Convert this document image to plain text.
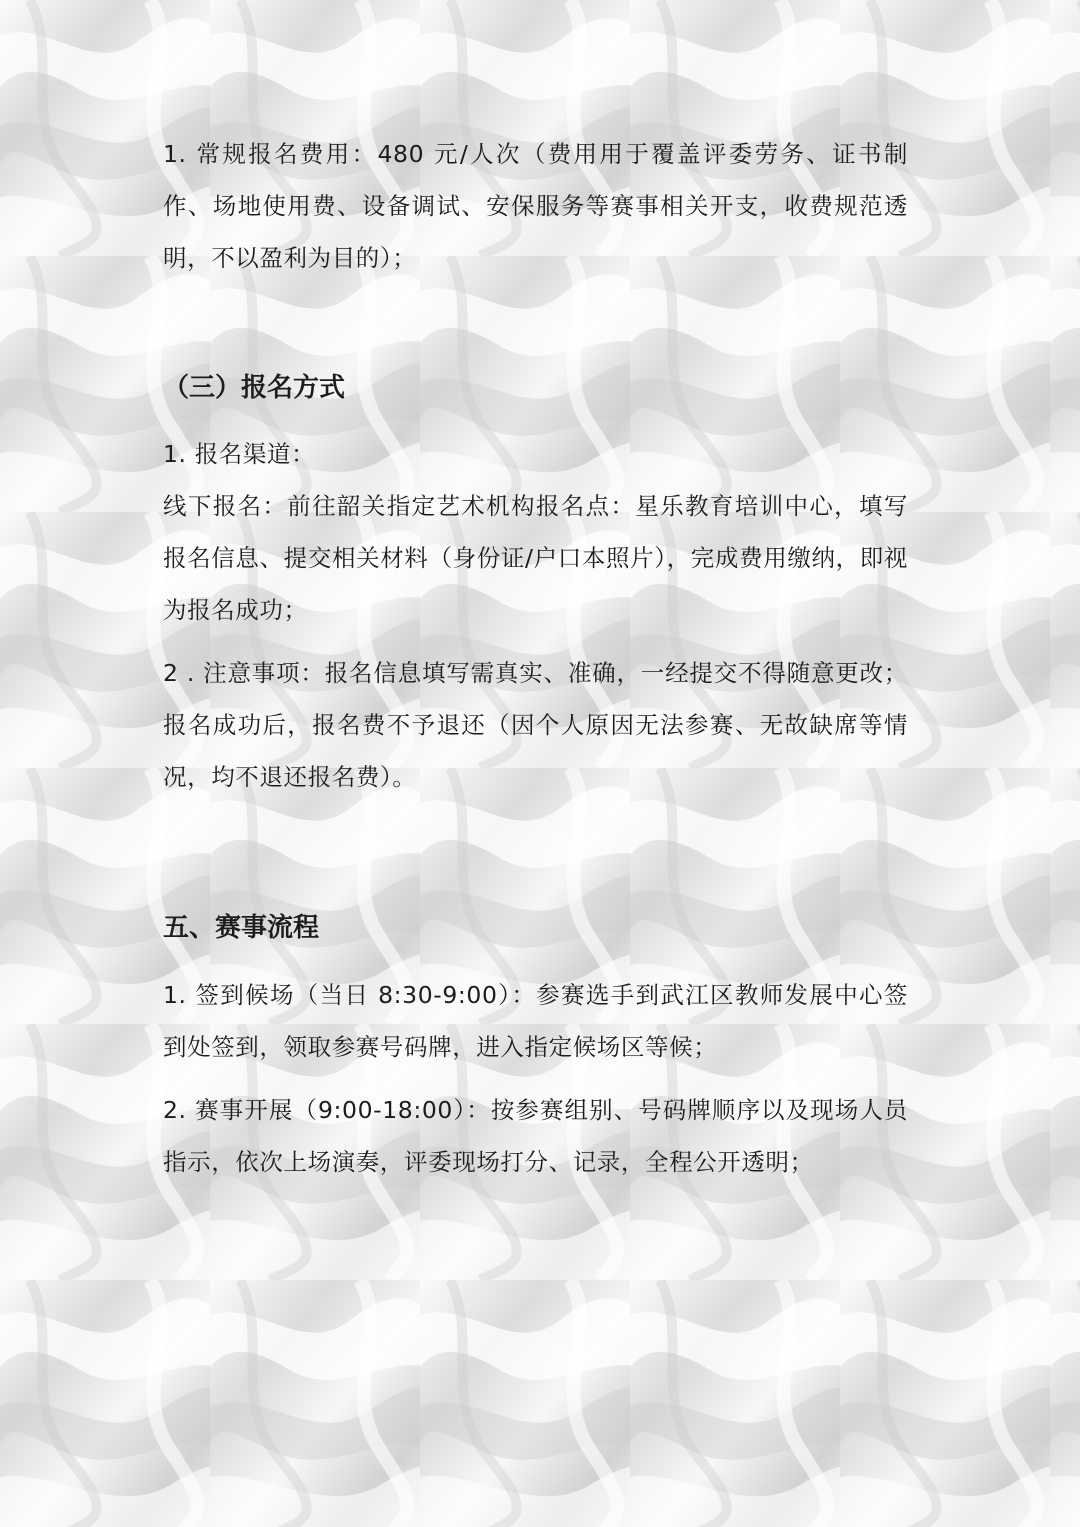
1. 常规报名费用：480 元/人次（费用用于覆盖评委劳务、证书制作、场地使用费、设备调试、安保服务等赛事相关开支，收费规范透明，不以盈利为目的）；

（三）报名方式

1. 报名渠道：

线下报名：前往韶关指定艺术机构报名点：星乐教育培训中心，填写报名信息、提交相关材料（身份证/户口本照片），完成费用缴纳，即视为报名成功；

2 . 注意事项：报名信息填写需真实、准确，一经提交不得随意更改；报名成功后，报名费不予退还（因个人原因无法参赛、无故缺席等情况，均不退还报名费）。

五、赛事流程

1. 签到候场（当日 8:30-9:00）：参赛选手到武江区教师发展中心签到处签到，领取参赛号码牌，进入指定候场区等候；

2. 赛事开展（9:00-18:00）：按参赛组别、号码牌顺序以及现场人员指示，依次上场演奏，评委现场打分、记录，全程公开透明；
